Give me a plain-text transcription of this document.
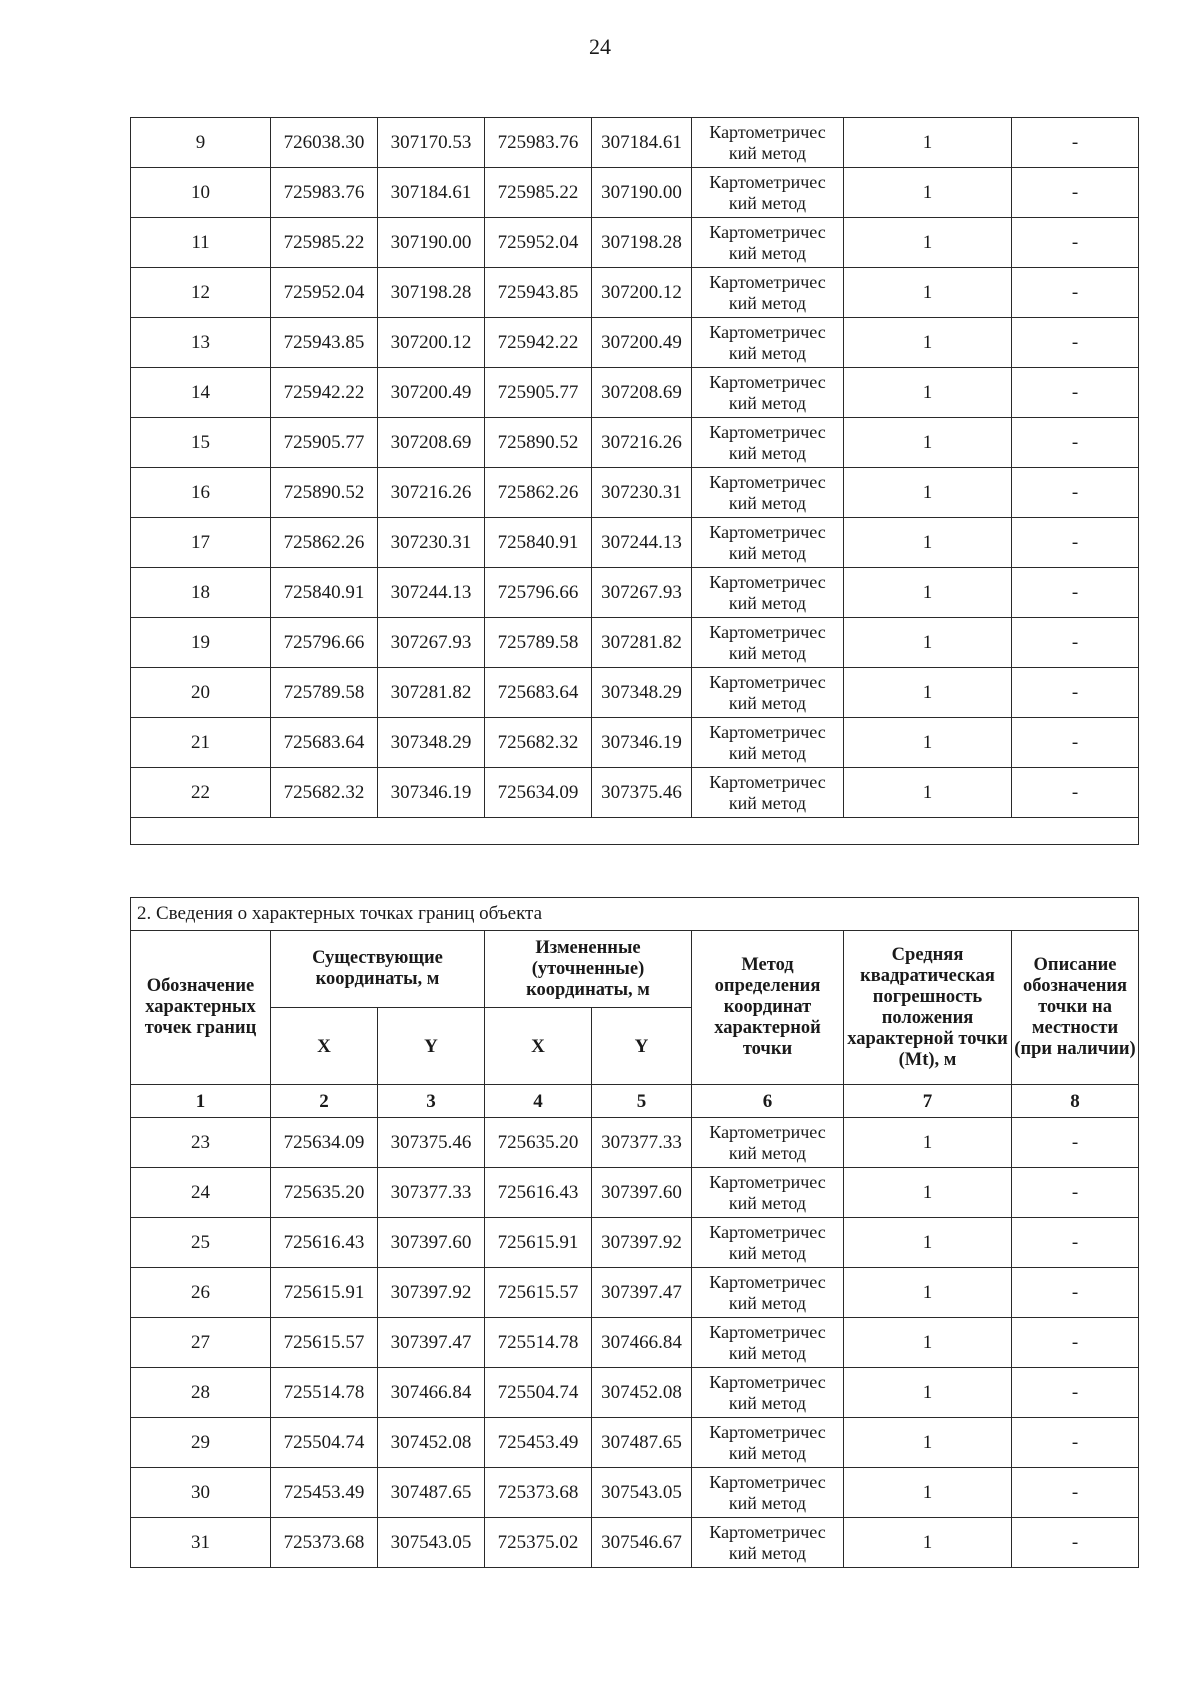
24
9	726038.30	307170.53	725983.76	307184.61	Картометричес
кий метод	1	-
10	725983.76	307184.61	725985.22	307190.00	Картометричес
кий метод	1	-
11	725985.22	307190.00	725952.04	307198.28	Картометричес
кий метод	1	-
12	725952.04	307198.28	725943.85	307200.12	Картометричес
кий метод	1	-
13	725943.85	307200.12	725942.22	307200.49	Картометричес
кий метод	1	-
14	725942.22	307200.49	725905.77	307208.69	Картометричес
кий метод	1	-
15	725905.77	307208.69	725890.52	307216.26	Картометричес
кий метод	1	-
16	725890.52	307216.26	725862.26	307230.31	Картометричес
кий метод	1	-
17	725862.26	307230.31	725840.91	307244.13	Картометричес
кий метод	1	-
18	725840.91	307244.13	725796.66	307267.93	Картометричес
кий метод	1	-
19	725796.66	307267.93	725789.58	307281.82	Картометричес
кий метод	1	-
20	725789.58	307281.82	725683.64	307348.29	Картометричес
кий метод	1	-
21	725683.64	307348.29	725682.32	307346.19	Картометричес
кий метод	1	-
22	725682.32	307346.19	725634.09	307375.46	Картометричес
кий метод	1	-

2. Сведения о характерных точках границ объекта							
Обозначение характерных точек границ	Существующие координаты, м		Измененные (уточненные) координаты, м		Метод определения координат характерной точки	Средняя квадратическая погрешность положения характерной точки (Mt), м	Описание обозначения точки на местности (при наличии)
	X	Y	X	Y			
1	2	3	4	5	6	7	8
23	725634.09	307375.46	725635.20	307377.33	Картометричес
кий метод	1	-
24	725635.20	307377.33	725616.43	307397.60	Картометричес
кий метод	1	-
25	725616.43	307397.60	725615.91	307397.92	Картометричес
кий метод	1	-
26	725615.91	307397.92	725615.57	307397.47	Картометричес
кий метод	1	-
27	725615.57	307397.47	725514.78	307466.84	Картометричес
кий метод	1	-
28	725514.78	307466.84	725504.74	307452.08	Картометричес
кий метод	1	-
29	725504.74	307452.08	725453.49	307487.65	Картометричес
кий метод	1	-
30	725453.49	307487.65	725373.68	307543.05	Картометричес
кий метод	1	-
31	725373.68	307543.05	725375.02	307546.67	Картометричес
кий метод	1	-
